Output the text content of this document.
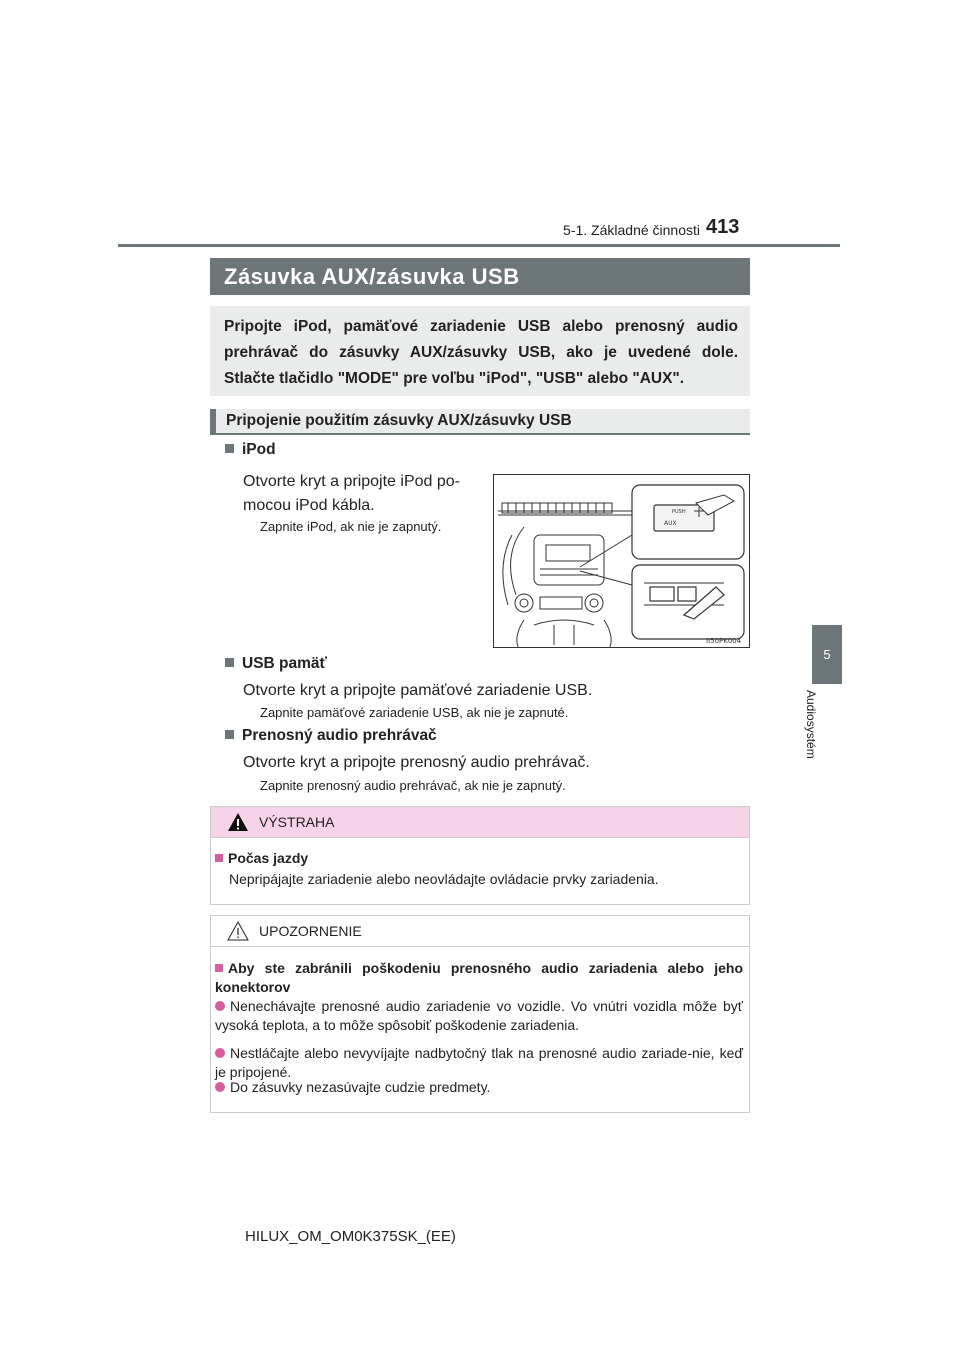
5-1. Základné činnosti 413
5
Audiosystém
Zásuvka AUX/zásuvka USB
Pripojte iPod, pamäťové zariadenie USB alebo prenosný audio prehrávač do zásuvky AUX/zásuvky USB, ako je uvedené dole. Stlačte tlačidlo "MODE" pre voľbu "iPod", "USB" alebo "AUX".
Pripojenie použitím zásuvky AUX/zásuvky USB
iPod
Otvorte kryt a pripojte iPod po-
mocou iPod kábla.
Zapnite iPod, ak nie je zapnutý.
PUSH
AUX
II50PK004
USB pamäť
Otvorte kryt a pripojte pamäťové zariadenie USB.
Zapnite pamäťové zariadenie USB, ak nie je zapnuté.
Prenosný audio prehrávač
Otvorte kryt a pripojte prenosný audio prehrávač.
Zapnite prenosný audio prehrávač, ak nie je zapnutý.
VÝSTRAHA
Počas jazdy
Nepripájajte zariadenie alebo neovládajte ovládacie prvky zariadenia.
UPOZORNENIE
Aby ste zabránili poškodeniu prenosného audio zariadenia alebo jeho konektorov
Nenechávajte prenosné audio zariadenie vo vozidle. Vo vnútri vozidla môže byť vysoká teplota, a to môže spôsobiť poškodenie zariadenia.
Nestláčajte alebo nevyvíjajte nadbytočný tlak na prenosné audio zariade-nie, keď je pripojené.
Do zásuvky nezasúvajte cudzie predmety.
HILUX_OM_OM0K375SK_(EE)
